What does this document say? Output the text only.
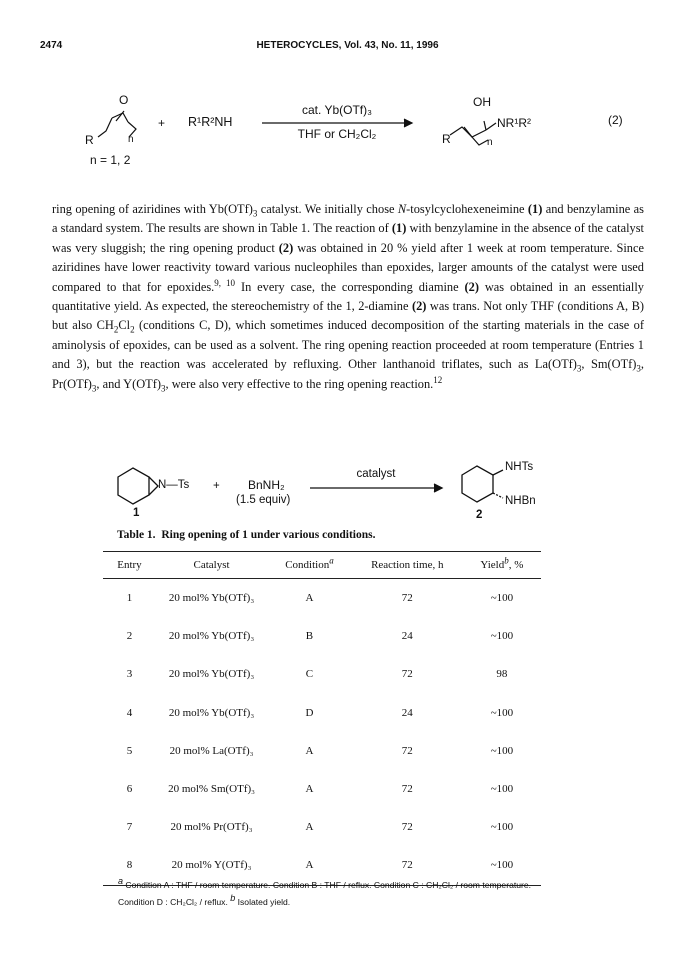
2474	HETEROCYCLES, Vol. 43, No. 11, 1996
O
R	n
n = 1, 2
+ R¹R²NH
cat. Yb(OTf)₃
THF or CH₂Cl₂
OH
NR¹R²
R	n
(2)

ring opening of aziridines with $Yb(OTf)_3$ catalyst. We initially chose N-tosylcyclohexeneimine (1) and benzylamine as a standard system. The results are shown in Table 1. The reaction of (1) with benzylamine in the absence of the catalyst was very sluggish; the ring opening product (2) was obtained in 20 % yield after 1 week at room temperature. Since aziridines have lower reactivity toward various nucleophiles than epoxides, larger amounts of the catalyst were used compared to that for epoxides.$^{9, 10}$ In every case, the corresponding diamine (2) was obtained in an essentially quantitative yield. As expected, the stereochemistry of the 1, 2-diamine (2) was trans. Not only THF (conditions A, B) but also $CH_2Cl_2$ (conditions C, D), which sometimes induced decomposition of the starting materials in the case of aminolysis of epoxides, can be used as a solvent. The ring opening reaction proceeded at room temperature (Entries 1 and 3), but the reaction was accelerated by refluxing. Other lanthanoid triflates, such as $La(OTf)_3$, $Sm(OTf)_3$, $Pr(OTf)_3$, and $Y(OTf)_3$, were also very effective to the ring opening reaction.$^{12}$

N—Ts
1
+ BnNH₂
(1.5 equiv)
catalyst
NHTs
NHBn
2
Table 1. Ring opening of 1 under various conditions.
Entry	Catalyst	Condition$^a$	Reaction time, h	Yield$^b$, %
1	20 mol% Yb(OTf)₃	A	72	~100
2	20 mol% Yb(OTf)₃	B	24	~100
3	20 mol% Yb(OTf)₃	C	72	98
4	20 mol% Yb(OTf)₃	D	24	~100
5	20 mol% La(OTf)₃	A	72	~100
6	20 mol% Sm(OTf)₃	A	72	~100
7	20 mol% Pr(OTf)₃	A	72	~100
8	20 mol% Y(OTf)₃	A	72	~100
$^a$ Condition A : THF / room temperature. Condition B : THF / reflux. Condition C : CH₂Cl₂ / room temperature.
Condition D : CH₂Cl₂ / reflux. $^b$ Isolated yield.
